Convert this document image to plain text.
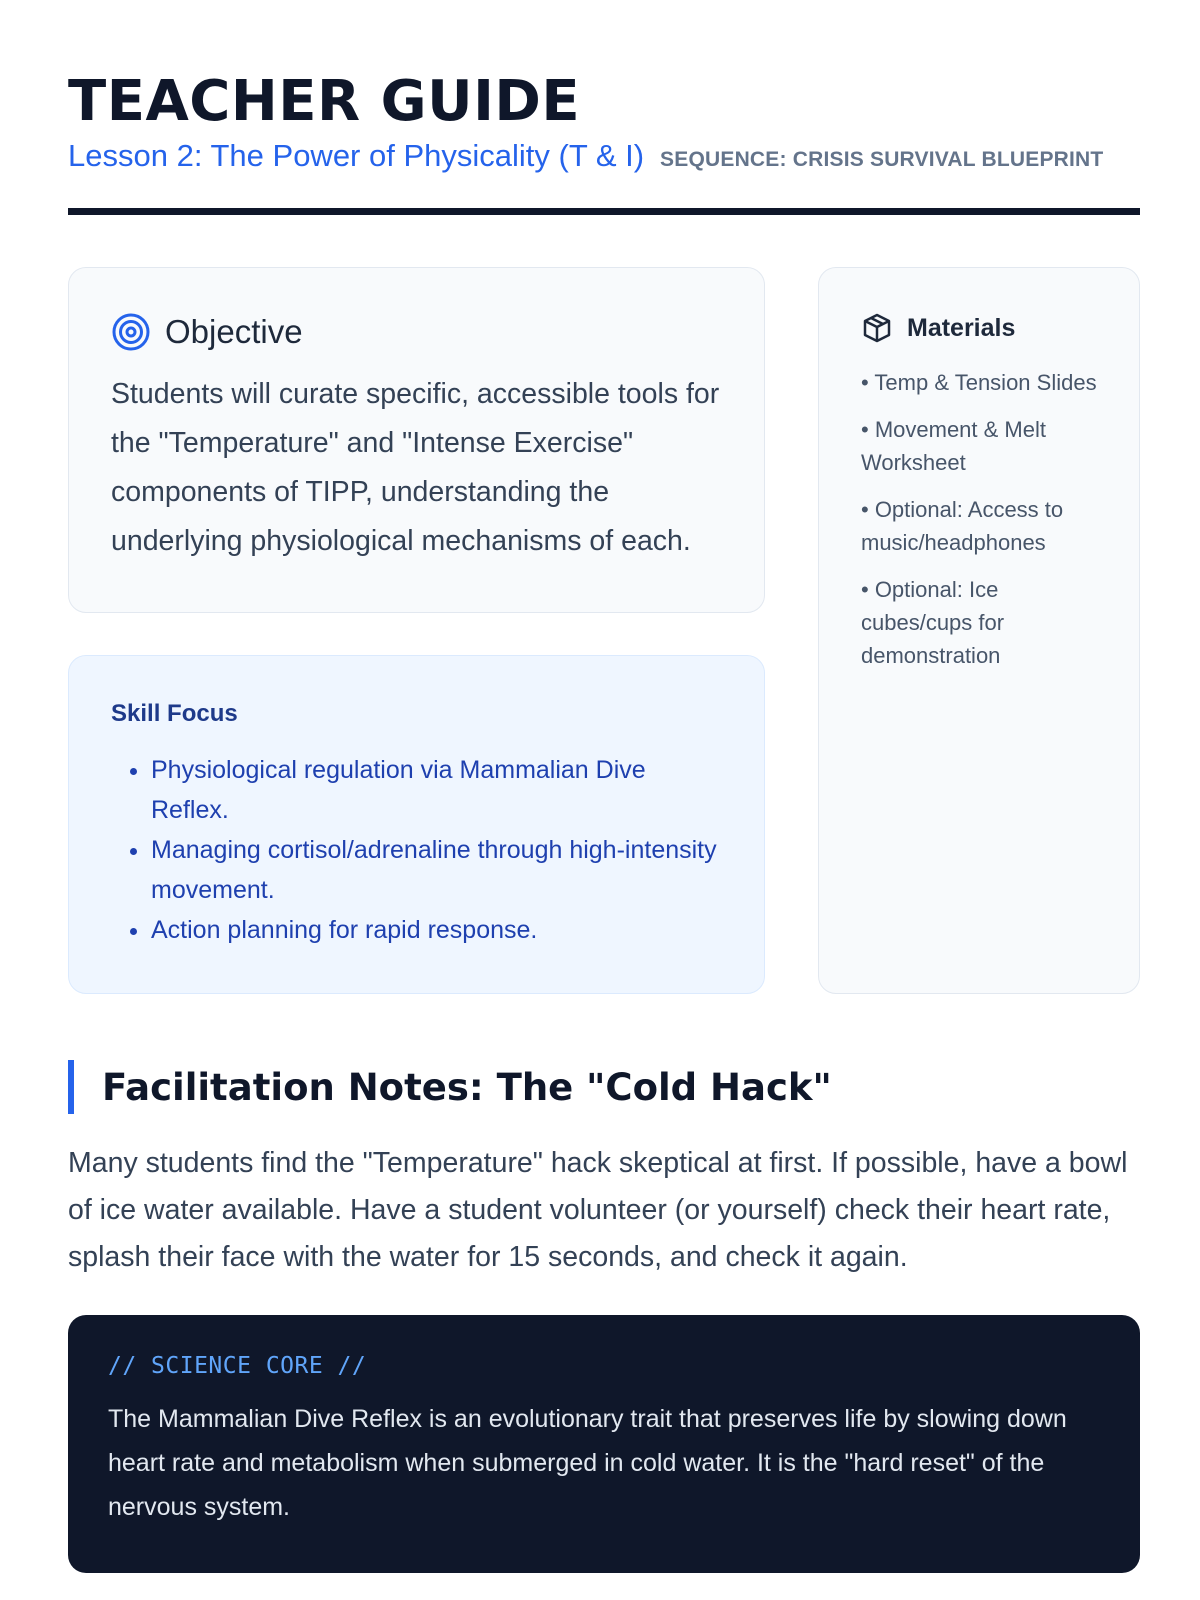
TEACHER GUIDE
Lesson 2: The Power of Physicality (T & I) SEQUENCE: CRISIS SURVIVAL BLUEPRINT
Objective
Students will curate specific, accessible tools for the "Temperature" and "Intense Exercise" components of TIPP, understanding the underlying physiological mechanisms of each.
Skill Focus
• Physiological regulation via Mammalian Dive Reflex.
• Managing cortisol/adrenaline through high-intensity movement.
• Action planning for rapid response.
Materials
• Temp & Tension Slides
• Movement & Melt Worksheet
• Optional: Access to music/headphones
• Optional: Ice cubes/cups for demonstration
Facilitation Notes: The "Cold Hack"
Many students find the "Temperature" hack skeptical at first. If possible, have a bowl of ice water available. Have a student volunteer (or yourself) check their heart rate, splash their face with the water for 15 seconds, and check it again.
// SCIENCE CORE //
The Mammalian Dive Reflex is an evolutionary trait that preserves life by slowing down heart rate and metabolism when submerged in cold water. It is the "hard reset" of the nervous system.
